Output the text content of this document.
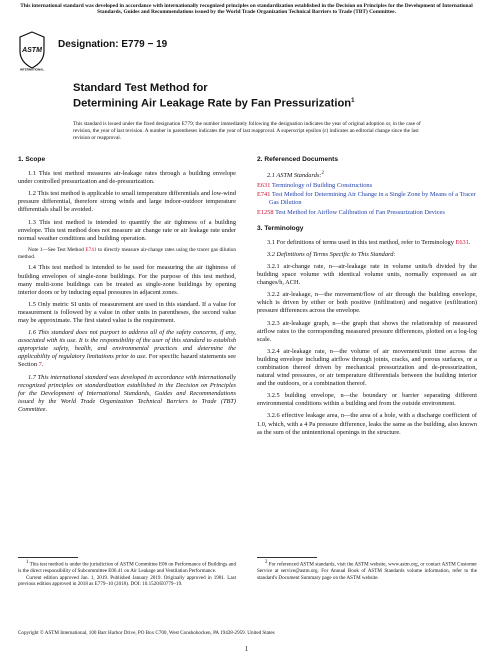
This international standard was developed in accordance with internationally recognized principles on standardization established in the Decision on Principles for the Development of International Standards, Guides and Recommendations issued by the World Trade Organization Technical Barriers to Trade (TBT) Committee.
ASTM
INTERNATIONAL
Designation: E779 − 19
Standard Test Method for
Determining Air Leakage Rate by Fan Pressurization$^1$
This standard is issued under the fixed designation E779; the number immediately following the designation indicates the year of original adoption or, in the case of revision, the year of last revision. A number in parentheses indicates the year of last reapproval. A superscript epsilon (ε) indicates an editorial change since the last revision or reapproval.
1. Scope

1.1 This test method measures air-leakage rates through a building envelope under controlled pressurization and de-pressurization.

1.2 This test method is applicable to small temperature differentials and low-wind pressure differential, therefore strong winds and large indoor-outdoor temperature differentials shall be avoided.

1.3 This test method is intended to quantify the air tightness of a building envelope. This test method does not measure air change rate or air leakage rate under normal weather conditions and building operation.

Note 1—See Test Method E741 to directly measure air-change rates using the tracer gas dilution method.

1.4 This test method is intended to be used for measuring the air tightness of building envelopes of single-zone buildings. For the purpose of this test method, many multi-zone buildings can be treated as single-zone buildings by opening interior doors or by inducing equal pressures in adjacent zones.

1.5 Only metric SI units of measurement are used in this standard. If a value for measurement is followed by a value in other units in parentheses, the second value may be approximate. The first stated value is the requirement.

1.6 This standard does not purport to address all of the safety concerns, if any, associated with its use. It is the responsibility of the user of this standard to establish appropriate safety, health, and environmental practices and determine the applicability of regulatory limitations prior to use. For specific hazard statements see Section 7.

1.7 This international standard was developed in accordance with internationally recognized principles on standardization established in the Decision on Principles for the Development of International Standards, Guides and Recommendations issued by the World Trade Organization Technical Barriers to Trade (TBT) Committee.

2. Referenced Documents

2.1 ASTM Standards:$^2$

E631 Terminology of Building Constructions
E741 Test Method for Determining Air Change in a Single Zone by Means of a Tracer Gas Dilution
E1258 Test Method for Airflow Calibration of Fan Pressurization Devices
3. Terminology

3.1 For definitions of terms used in this test method, refer to Terminology E631.

3.2 Definitions of Terms Specific to This Standard:

3.2.1 air-change rate, n—air-leakage rate in volume units/h divided by the building space volume with identical volume units, normally expressed as air changes/h, ACH.

3.2.2 air-leakage, n—the movement/flow of air through the building envelope, which is driven by either or both positive (infiltration) and negative (exfiltration) pressure differences across the envelope.

3.2.3 air-leakage graph, n—the graph that shows the relationship of measured airflow rates to the corresponding measured pressure differences, plotted on a log-log scale.

3.2.4 air-leakage rate, n—the volume of air movement/unit time across the building envelope including airflow through joints, cracks, and porous surfaces, or a combination thereof driven by mechanical pressurization and de-pressurization, natural wind pressures, or air temperature differentials between the building interior and the outdoors, or a combination thereof.

3.2.5 building envelope, n—the boundary or barrier separating different environmental conditions within a building and from the outside environment.

3.2.6 effective leakage area, n—the area of a hole, with a discharge coefficient of 1.0, which, with a 4 Pa pressure difference, leaks the same as the building, also known as the sum of the unintentional openings in the structure.

$^1$ This test method is under the jurisdiction of ASTM Committee E06 on Performance of Buildings and is the direct responsibility of Subcommittee E06.41 on Air Leakage and Ventilation Performance.
Current edition approved Jan. 1, 2019. Published January 2019. Originally approved in 1981. Last previous edition approved in 2018 as E779–10 (2018). DOI: 10.1520/E0779–19.
$^2$ For referenced ASTM standards, visit the ASTM website, www.astm.org, or contact ASTM Customer Service at service@astm.org. For Annual Book of ASTM Standards volume information, refer to the standard's Document Summary page on the ASTM website.
Copyright © ASTM International, 100 Barr Harbor Drive, PO Box C700, West Conshohocken, PA 19428-2959. United States
1
